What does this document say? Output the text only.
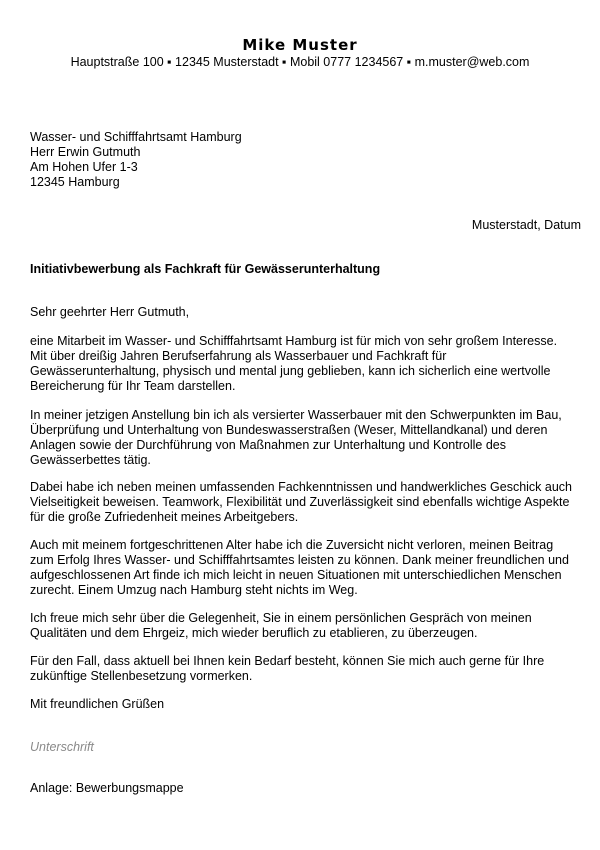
Mike Muster
Hauptstraße 100 ▪ 12345 Musterstadt ▪ Mobil 0777 1234567 ▪ m.muster@web.com
Wasser- und Schifffahrtsamt Hamburg
Herr Erwin Gutmuth
Am Hohen Ufer 1-3
12345 Hamburg
Musterstadt, Datum
Initiativbewerbung als Fachkraft für Gewässerunterhaltung
Sehr geehrter Herr Gutmuth,
eine Mitarbeit im Wasser- und Schifffahrtsamt Hamburg ist für mich von sehr großem Interesse.
Mit über dreißig Jahren Berufserfahrung als Wasserbauer und Fachkraft für
Gewässerunterhaltung, physisch und mental jung geblieben, kann ich sicherlich eine wertvolle
Bereicherung für Ihr Team darstellen.
In meiner jetzigen Anstellung bin ich als versierter Wasserbauer mit den Schwerpunkten im Bau,
Überprüfung und Unterhaltung von Bundeswasserstraßen (Weser, Mittellandkanal) und deren
Anlagen sowie der Durchführung von Maßnahmen zur Unterhaltung und Kontrolle des
Gewässerbettes tätig.
Dabei habe ich neben meinen umfassenden Fachkenntnissen und handwerkliches Geschick auch
Vielseitigkeit beweisen. Teamwork, Flexibilität und Zuverlässigkeit sind ebenfalls wichtige Aspekte
für die große Zufriedenheit meines Arbeitgebers.
Auch mit meinem fortgeschrittenen Alter habe ich die Zuversicht nicht verloren, meinen Beitrag
zum Erfolg Ihres Wasser- und Schifffahrtsamtes leisten zu können. Dank meiner freundlichen und
aufgeschlossenen Art finde ich mich leicht in neuen Situationen mit unterschiedlichen Menschen
zurecht. Einem Umzug nach Hamburg steht nichts im Weg.
Ich freue mich sehr über die Gelegenheit, Sie in einem persönlichen Gespräch von meinen
Qualitäten und dem Ehrgeiz, mich wieder beruflich zu etablieren, zu überzeugen.
Für den Fall, dass aktuell bei Ihnen kein Bedarf besteht, können Sie mich auch gerne für Ihre
zukünftige Stellenbesetzung vormerken.
Mit freundlichen Grüßen
Unterschrift
Anlage: Bewerbungsmappe
